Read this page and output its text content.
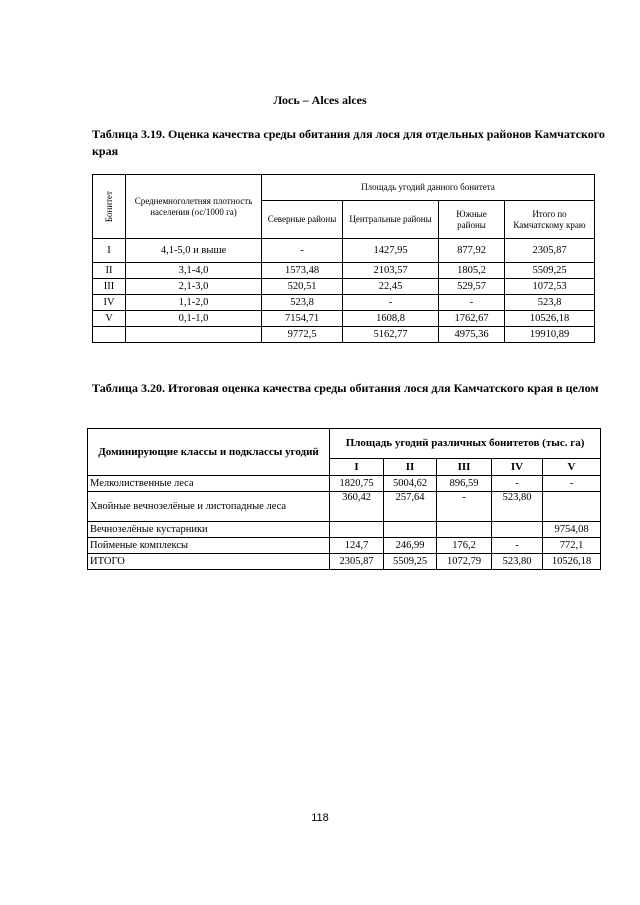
Лось – Alces alces
Таблица 3.19. Оценка качества среды обитания для лося для отдельных районов Камчатского края
Бонитет	Среднемноголетняя плотность населения (ос/1000 га)	Площадь угодий данного бонитета			
		Северные районы	Центральные районы	Южные районы	Итого по Камчатскому краю
I	4,1-5,0 и выше	-	1427,95	877,92	2305,87
II	3,1-4,0	1573,48	2103,57	1805,2	5509,25
III	2,1-3,0	520,51	22,45	529,57	1072,53
IV	1,1-2,0	523,8	-	-	523,8
V	0,1-1,0	7154,71	1608,8	1762,67	10526,18
		9772,5	5162,77	4975,36	19910,89
Таблица 3.20. Итоговая оценка качества среды обитания лося для Камчатского края в целом
Доминирующие классы и подклассы угодий	Площадь угодий различных бонитетов (тыс. га)				
	I	II	III	IV	V
Мелколиственные леса	1820,75	5004,62	896,59	-	-
Хвойные вечнозелёные и листопадные леса	360,42	257,64	-	523,80	
Вечнозелёные кустарники					9754,08
Пойменые комплексы	124,7	246,99	176,2	-	772,1
ИТОГО	2305,87	5509,25	1072,79	523,80	10526,18
118
